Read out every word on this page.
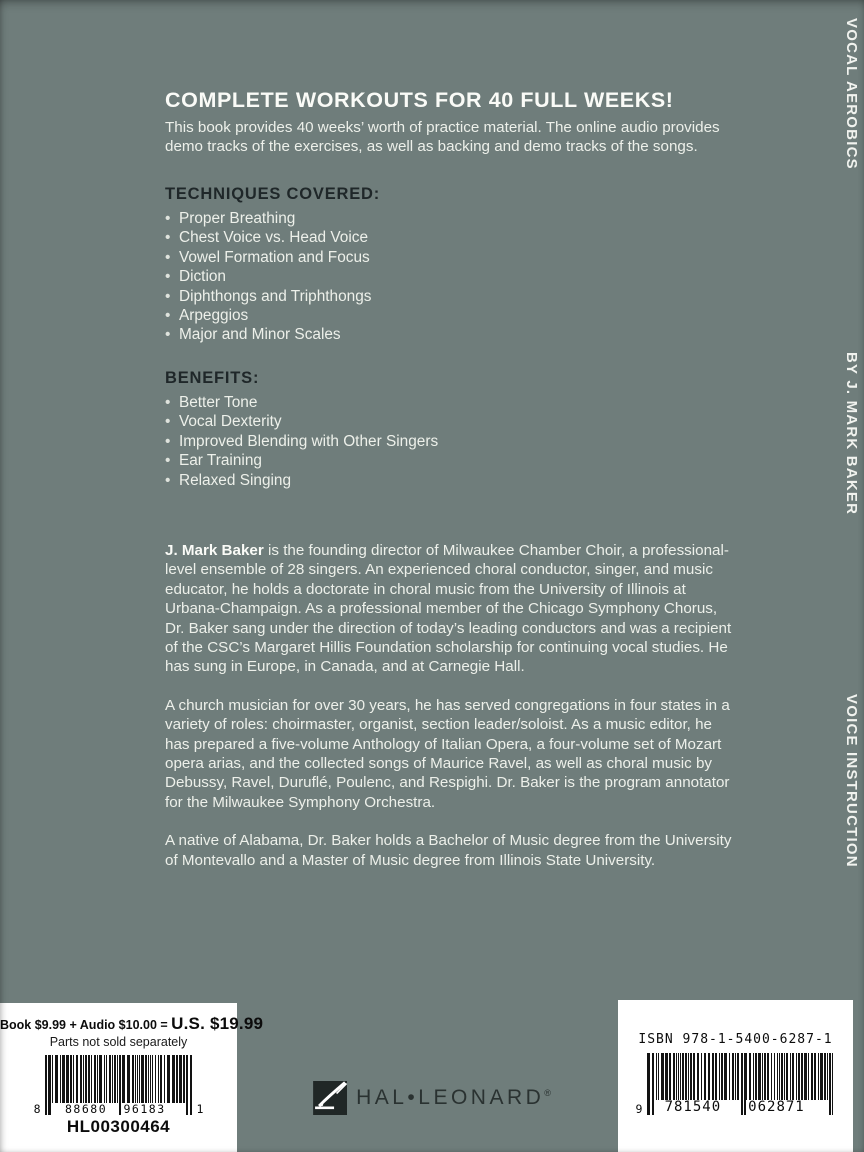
COMPLETE WORKOUTS FOR 40 FULL WEEKS!
This book provides 40 weeks’ worth of practice material. The online audio provides demo tracks of the exercises, as well as backing and demo tracks of the songs.
TECHNIQUES COVERED:
•  Proper Breathing
•  Chest Voice vs. Head Voice
•  Vowel Formation and Focus
•  Diction
•  Diphthongs and Triphthongs
•  Arpeggios
•  Major and Minor Scales
BENEFITS:
•  Better Tone
•  Vocal Dexterity
•  Improved Blending with Other Singers
•  Ear Training
•  Relaxed Singing

J. Mark Baker is the founding director of Milwaukee Chamber Choir, a professional-level ensemble of 28 singers. An experienced choral conductor, singer, and music educator, he holds a doctorate in choral music from the University of Illinois at Urbana-Champaign. As a professional member of the Chicago Symphony Chorus, Dr. Baker sang under the direction of today’s leading conductors and was a recipient of the CSC’s Margaret Hillis Foundation scholarship for continuing vocal studies. He has sung in Europe, in Canada, and at Carnegie Hall.

A church musician for over 30 years, he has served congregations in four states in a variety of roles: choirmaster, organist, section leader/soloist. As a music editor, he has prepared a five-volume Anthology of Italian Opera, a four-volume set of Mozart opera arias, and the collected songs of Maurice Ravel, as well as choral music by Debussy, Ravel, Duruflé, Poulenc, and Respighi. Dr. Baker is the program annotator for the Milwaukee Symphony Orchestra.

A native of Alabama, Dr. Baker holds a Bachelor of Music degree from the University of Montevallo and a Master of Music degree from Illinois State University.

VOCAL AEROBICS
BY J. MARK BAKER
VOICE INSTRUCTION
Book $9.99 + Audio $10.00 = U.S. $19.99
Parts not sold separately
8 88680 96183	1
HL00300464
HAL•LEONARD®
ISBN 978-1-5400-6287-1
9 781540 062871
